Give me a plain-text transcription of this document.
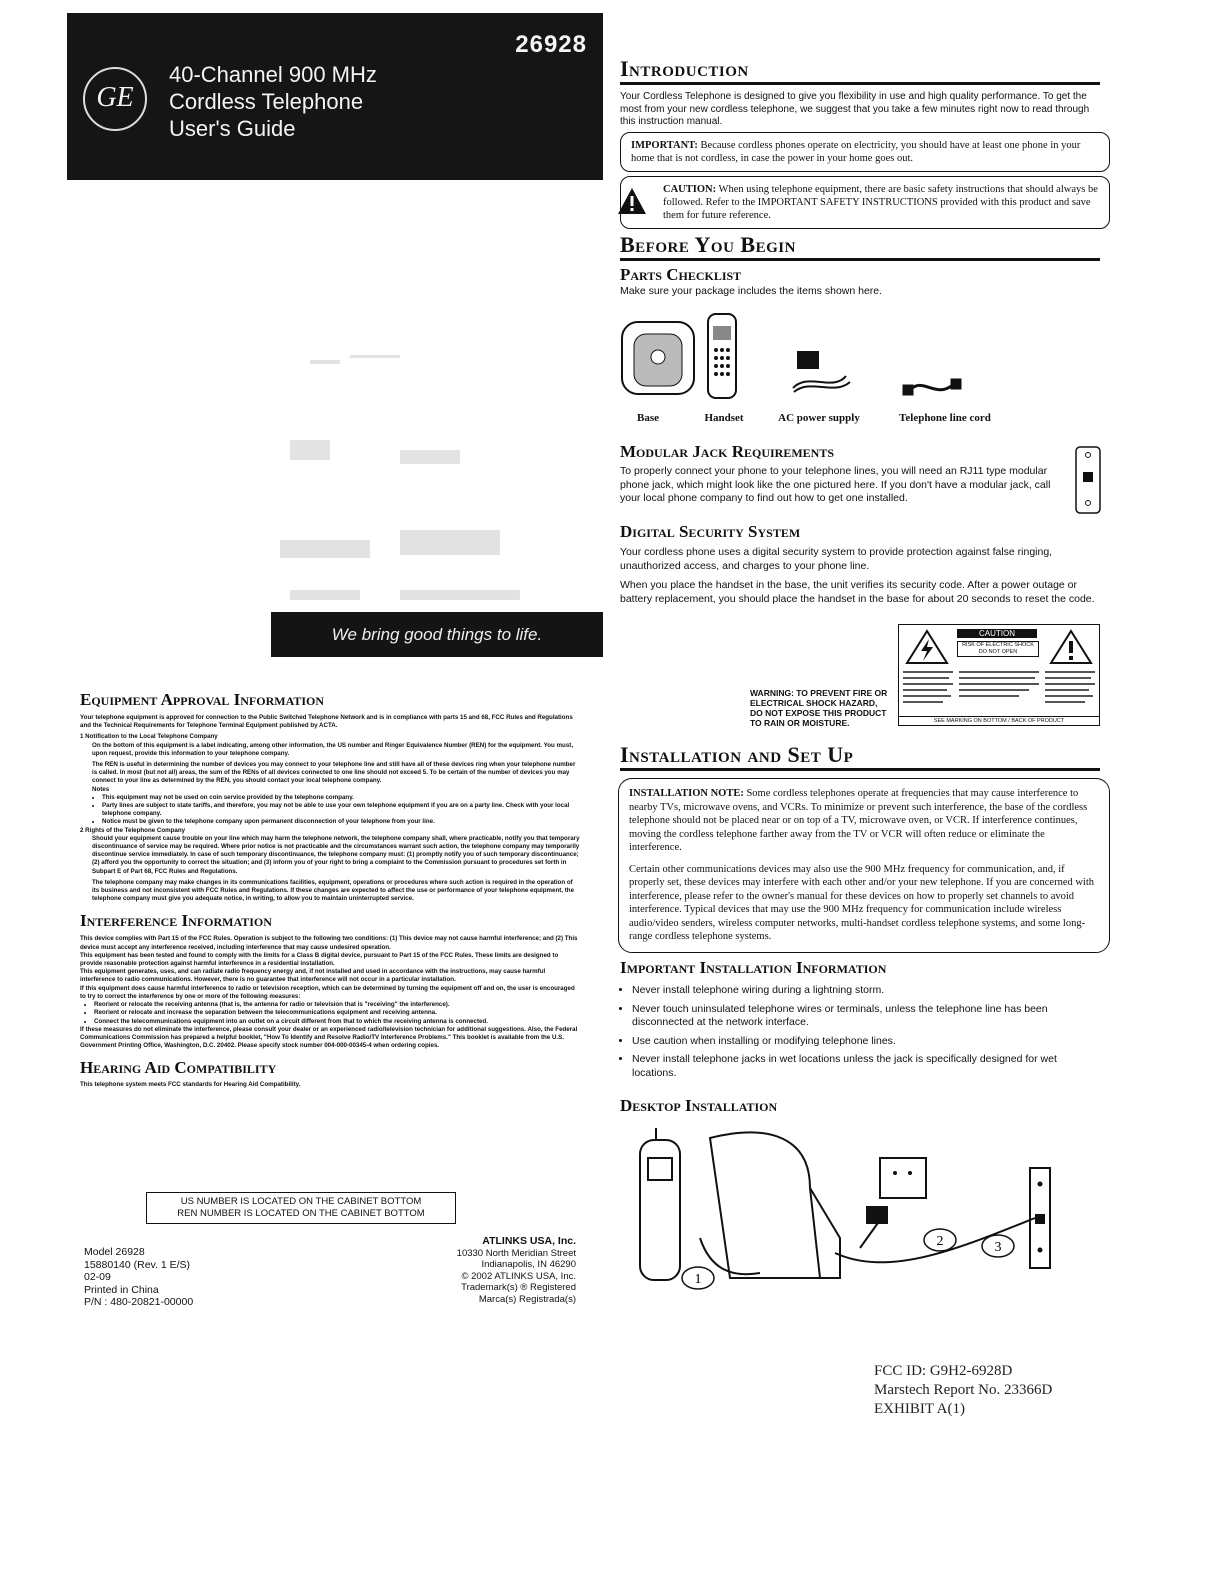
26928
GE
40-Channel 900 MHz
Cordless Telephone
User's Guide
We bring good things to life.
Equipment Approval Information
Your telephone equipment is approved for connection to the Public Switched Telephone Network and is in compliance with parts 15 and 68, FCC Rules and Regulations and the Technical Requirements for Telephone Terminal Equipment published by ACTA.
1 Notification to the Local Telephone Company
On the bottom of this equipment is a label indicating, among other information, the US number and Ringer Equivalence Number (REN) for the equipment. You must, upon request, provide this information to your telephone company.
The REN is useful in determining the number of devices you may connect to your telephone line and still have all of these devices ring when your telephone number is called. In most (but not all) areas, the sum of the RENs of all devices connected to one line should not exceed 5. To be certain of the number of devices you may connect to your line as determined by the REN, you should contact your local telephone company.
Notes
• This equipment may not be used on coin service provided by the telephone company.
• Party lines are subject to state tariffs, and therefore, you may not be able to use your own telephone equipment if you are on a party line. Check with your local telephone company.
• Notice must be given to the telephone company upon permanent disconnection of your telephone from your line.
2 Rights of the Telephone Company
Should your equipment cause trouble on your line which may harm the telephone network, the telephone company shall, where practicable, notify you that temporary discontinuance of service may be required. Where prior notice is not practicable and the circumstances warrant such action, the telephone company may temporarily discontinue service immediately. In case of such temporary discontinuance, the telephone company must: (1) promptly notify you of such temporary discontinuance; (2) afford you the opportunity to correct the situation; and (3) inform you of your right to bring a complaint to the Commission pursuant to procedures set forth in Subpart E of Part 68, FCC Rules and Regulations.
The telephone company may make changes in its communications facilities, equipment, operations or procedures where such action is required in the operation of its business and not inconsistent with FCC Rules and Regulations. If these changes are expected to affect the use or performance of your telephone equipment, the telephone company must give you adequate notice, in writing, to allow you to maintain uninterrupted service.
Interference Information
This device complies with Part 15 of the FCC Rules. Operation is subject to the following two conditions: (1) This device may not cause harmful interference; and (2) This device must accept any interference received, including interference that may cause undesired operation.
This equipment has been tested and found to comply with the limits for a Class B digital device, pursuant to Part 15 of the FCC Rules. These limits are designed to provide reasonable protection against harmful interference in a residential installation.
This equipment generates, uses, and can radiate radio frequency energy and, if not installed and used in accordance with the instructions, may cause harmful interference to radio communications. However, there is no guarantee that interference will not occur in a particular installation.
If this equipment does cause harmful interference to radio or television reception, which can be determined by turning the equipment off and on, the user is encouraged to try to correct the interference by one or more of the following measures:
• Reorient or relocate the receiving antenna (that is, the antenna for radio or television that is "receiving" the interference).
• Reorient or relocate and increase the separation between the telecommunications equipment and receiving antenna.
• Connect the telecommunications equipment into an outlet on a circuit different from that to which the receiving antenna is connected.
If these measures do not eliminate the interference, please consult your dealer or an experienced radio/television technician for additional suggestions. Also, the Federal Communications Commission has prepared a helpful booklet, "How To Identify and Resolve Radio/TV Interference Problems." This booklet is available from the U.S. Government Printing Office, Washington, D.C. 20402. Please specify stock number 004-000-00345-4 when ordering copies.
Hearing Aid Compatibility
This telephone system meets FCC standards for Hearing Aid Compatibility.
US NUMBER IS LOCATED ON THE CABINET BOTTOM
REN NUMBER IS LOCATED ON THE CABINET BOTTOM
Model 26928
15880140 (Rev. 1 E/S)
02-09
Printed in China
P/N : 480-20821-00000
ATLINKS USA, Inc.
10330 North Meridian Street
Indianapolis, IN 46290
© 2002 ATLINKS USA, Inc.
Trademark(s) ® Registered
Marca(s) Registrada(s)
Introduction
Your Cordless Telephone is designed to give you flexibility in use and high quality performance. To get the most from your new cordless telephone, we suggest that you take a few minutes right now to read through this instruction manual.
IMPORTANT: Because cordless phones operate on electricity, you should have at least one phone in your home that is not cordless, in case the power in your home goes out.
CAUTION: When using telephone equipment, there are basic safety instructions that should always be followed. Refer to the IMPORTANT SAFETY INSTRUCTIONS provided with this product and save them for future reference.
Before You Begin
Parts Checklist
Make sure your package includes the items shown here.
Base	Handset	AC power supply	Telephone line cord
Modular Jack Requirements
To properly connect your phone to your telephone lines, you will need an RJ11 type modular phone jack, which might look like the one pictured here. If you don't have a modular jack, call your local phone company to find out how to get one installed.
Digital Security System
Your cordless phone uses a digital security system to provide protection against false ringing, unauthorized access, and charges to your phone line.
When you place the handset in the base, the unit verifies its security code. After a power outage or battery replacement, you should place the handset in the base for about 20 seconds to reset the code.
WARNING: TO PREVENT FIRE OR ELECTRICAL SHOCK HAZARD, DO NOT EXPOSE THIS PRODUCT TO RAIN OR MOISTURE.
CAUTION
RISK OF ELECTRIC SHOCK DO NOT OPEN
SEE MARKING ON BOTTOM / BACK OF PRODUCT
Installation and Set Up
INSTALLATION NOTE: Some cordless telephones operate at frequencies that may cause interference to nearby TVs, microwave ovens, and VCRs. To minimize or prevent such interference, the base of the cordless telephone should not be placed near or on top of a TV, microwave oven, or VCR. If interference continues, moving the cordless telephone farther away from the TV or VCR will often reduce or eliminate the interference.
Certain other communications devices may also use the 900 MHz frequency for communication, and, if properly set, these devices may interfere with each other and/or your new telephone. If you are concerned with interference, please refer to the owner's manual for these devices on how to properly set channels to avoid interference. Typical devices that may use the 900 MHz frequency for communication include wireless audio/video senders, wireless computer networks, multi-handset cordless telephone systems, and some long-range cordless telephone systems.
Important Installation Information
• Never install telephone wiring during a lightning storm.
• Never touch uninsulated telephone wires or terminals, unless the telephone line has been disconnected at the network interface.
• Use caution when installing or modifying telephone lines.
• Never install telephone jacks in wet locations unless the jack is specifically designed for wet locations.
Desktop Installation
1
2	3
FCC ID: G9H2-6928D
Marstech Report No. 23366D
EXHIBIT A(1)
